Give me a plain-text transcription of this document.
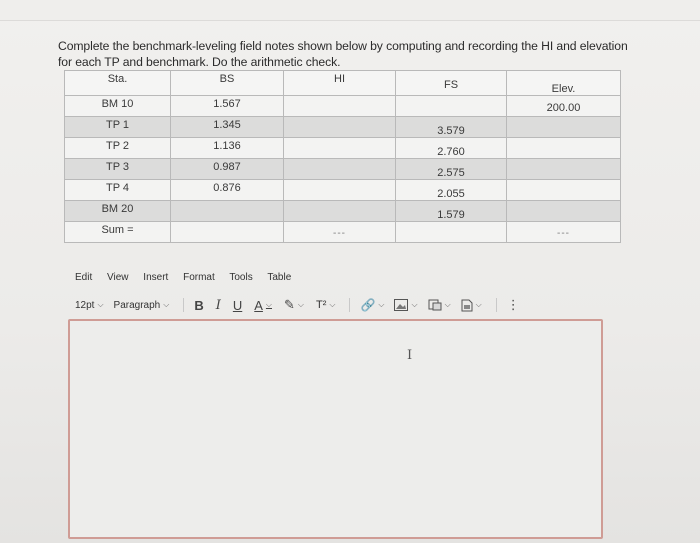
Complete the benchmark-leveling field notes shown below by computing and recording the HI and elevation for each TP and benchmark. Do the arithmetic check.
Sta.	BS	HI	FS	Elev.

BM 10	1.567			200.00

TP 1	1.345		3.579	

TP 2	1.136		2.760	

TP 3	0.987		2.575	

TP 4	0.876		2.055	

BM 20			1.579	

Sum =		---		---
Edit View Insert Format Tools Table
12pt ⌵ Paragraph ⌵ B I U A ⌵ ✎ ⌵ T² ⌵ 🔗 ⌵	⌵	⌵	⌵ ⋮
I
